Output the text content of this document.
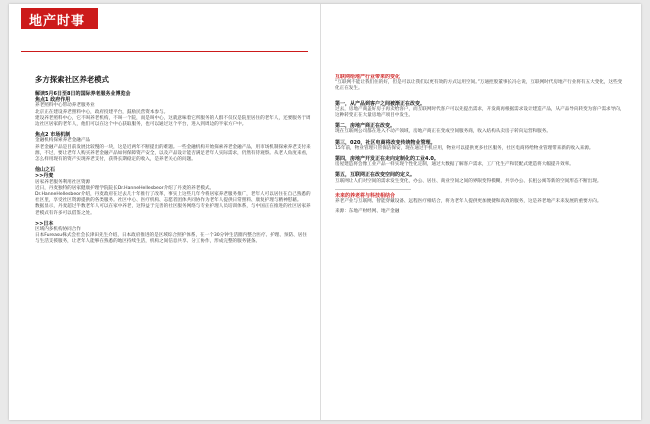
地产时事
多方探索社区养老模式

解读5月6日至8日的国际养老服务业博览会

焦点1 政府作用

养老照料中心带动养老服务业

北京正在建设养老照料中心，政府投建平台，鼓励民营资本参与。

建设养老照料中心，它不叫养老机构，不叫一个院，而是叫中心，这就意味着它所服务的人群不仅仅是院里居住的老年人，还要服务于周边社区居家的老年人，他们可以在这个中心获取服务，也可以通过这个平台，进入到周边的半家方户中。

焦点2 市场机制

金融机构探索养老金融产品

养老金融产品是目前发展比较慢的一块，这是近两年不断提出的难题。一些金融机构开始探索养老金融产品，用市场机制探索养老支付来源，不过，要让老年人购买养老金融产品如何保障资产安全，以及产品设计能否满足老年人实际需求，仍然有待观察。从老人角度来看，怎么样用现有的资产实现养老支付，获得长期稳定的收入，是养老关心的问题。

他山之石

>>丹麦

居家养老服务利用社区资源

近日，丹麦独特的居家健康护理学院院长Dr.HanneHellesbeor介绍了丹麦的养老模式。

Dr.HanneHellesbeor介绍，丹麦政府在过去几十年推行了改革，事实上这些几年今将居家养老服务推广，老年人可以居住在自己熟悉的社区里，享受社区资源提供的各类服务。社区中心、医疗机构、志愿者团体共同协作为老年人提供日常照料、康复护理与精神慰藉。

数据显示，丹麦超过半数老年人可以在家中养老，这得益于完善的社区服务网络与专业护理人员培训体系，与中国正在推进的社区居家养老模式有许多可以借鉴之处。

>>日本

区域内多机构协同合作

日本Fureasu株式会社会长津田先生介绍，日本政府推进的是区域综合照护体系，在一个30分钟生活圈内整合医疗、护理、预防、居住与生活支援服务，让老年人能够在熟悉的地区持续生活，机构之间信息共享、分工协作，形成完整的服务链条。

互联网给地产行业带来的变化

“互联网不能让我们住的好，但是可以让我们以更有效的方式运用空间。”万通控股董事长冯仑说，互联网时代房地产行业将有五大变化，这些变化正在发生。

第一，从产品到客户之间被渐正在改变。

过去，房地产商盖好房子再卖给客户，而互联网时代客户可以先提出需求，开发商再根据需求设计建造产品，从产品导向转变为客户需求导向，这种转变正在大量房地产项目中发生。

第二，房地产商正在改变。

现在互联网公司都在进入不动产领域，房地产商正在变成空间服务商，收入结构从卖房子转向运营和服务。

第三，020，社区电商将改变传统物业管理。

15年前，物业管理只管保洁保安，现在通过手机应用，物业可以提供更多社区服务，社区电商将给物业管理带来新的收入来源。

第四，房地产开发正在走向定制化的工业4.0。

房屋建造将会像工业产品一样实现个性化定制，通过大数据了解客户需求，工厂化生产和装配式建造将大幅提升效率。

第五，互联网正在改变空间的定义。

互联网让人们对空间的需求发生变化，办公、居住、商业空间之间的界限变得模糊，共享办公、长租公寓等新的空间形态不断出现。

未来的养老将与科技相结合

养老产业与互联网、智能穿戴设备、远程医疗相结合，将为老年人提供更加便捷和高效的服务，这是养老地产未来发展的重要方向。

来源：东地产财经网、地产金融
